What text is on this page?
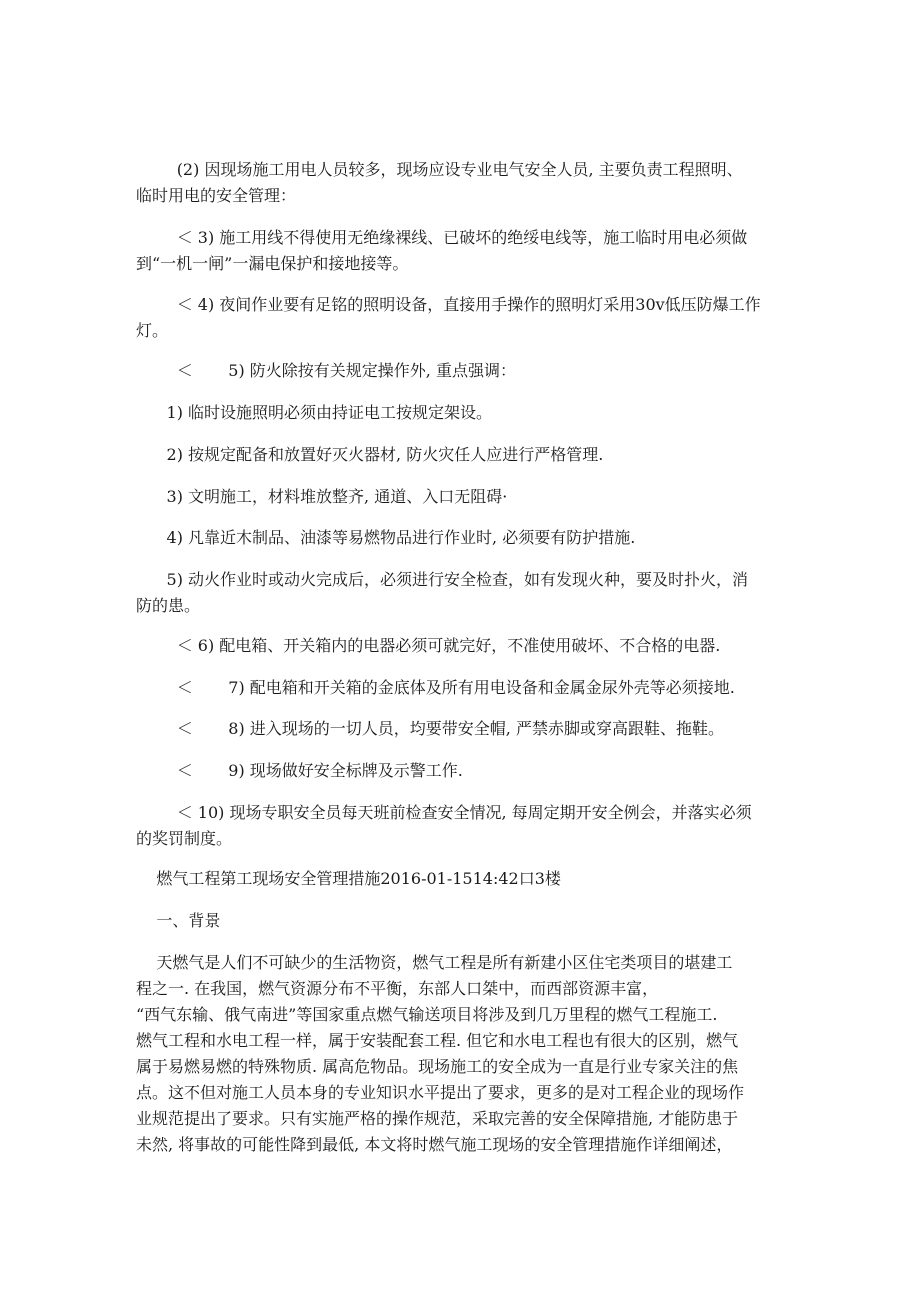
(2) 因现场施工用电人员较多，现场应设专业电气安全人员, 主要负责工程照明、
临时用电的安全管理：
＜ 3) 施工用线不得使用无绝缘裸线、已破坏的绝绥电线等，施工临时用电必须做
到“一机一闸”一漏电保护和接地接等。
＜ 4) 夜间作业要有足铭的照明设备，直接用手操作的照明灯采用30v低压防爆工作
灯。
＜       5) 防火除按有关规定操作外, 重点强调：
1) 临时设施照明必须由持证电工按规定架设。
2) 按规定配备和放置好灭火器材, 防火灾任人应进行严格管理.
3) 文明施工，材料堆放整齐, 通道、入口无阻碍·
4) 凡靠近木制品、油漆等易燃物品进行作业时, 必须要有防护措施.
5) 动火作业时或动火完成后，必须进行安全检查，如有发现火种，要及时扑火，消
防的患。
＜ 6) 配电箱、开关箱内的电器必须可就完好，不准使用破坏、不合格的电器.
＜       7) 配电箱和开关箱的金底体及所有用电设备和金属金尿外壳等必须接地.
＜       8) 进入现场的一切人员，均要带安全帽, 严禁赤脚或穿高跟鞋、拖鞋。
＜       9) 现场做好安全标牌及示警工作.
＜ 10) 现场专职安全员每天班前检查安全情况, 每周定期开安全例会，并落实必须
的奖罚制度。
燃气工程第工现场安全管理措施2016-01-1514:42口3楼
一、背景
天燃气是人们不可缺少的生活物资，燃气工程是所有新建小区住宅类项目的堪建工
程之一. 在我国，燃气资源分布不平衡，东部人口桀中，而西部资源丰富，
“西气东输、俄气南进”等国家重点燃气输送项目将涉及到几万里程的燃气工程施工.
燃气工程和水电工程一样，属于安装配套工程. 但它和水电工程也有很大的区别，燃气
属于易燃易燃的特殊物质. 属高危物品。现场施工的安全成为一直是行业专家关注的焦
点。这不但对施工人员本身的专业知识水平提出了要求，更多的是对工程企业的现场作
业规范提出了要求。只有实施严格的操作规范，采取完善的安全保障措施, 才能防患于
未然, 将事故的可能性降到最低, 本文将时燃气施工现场的安全管理措施作详细阐述，
